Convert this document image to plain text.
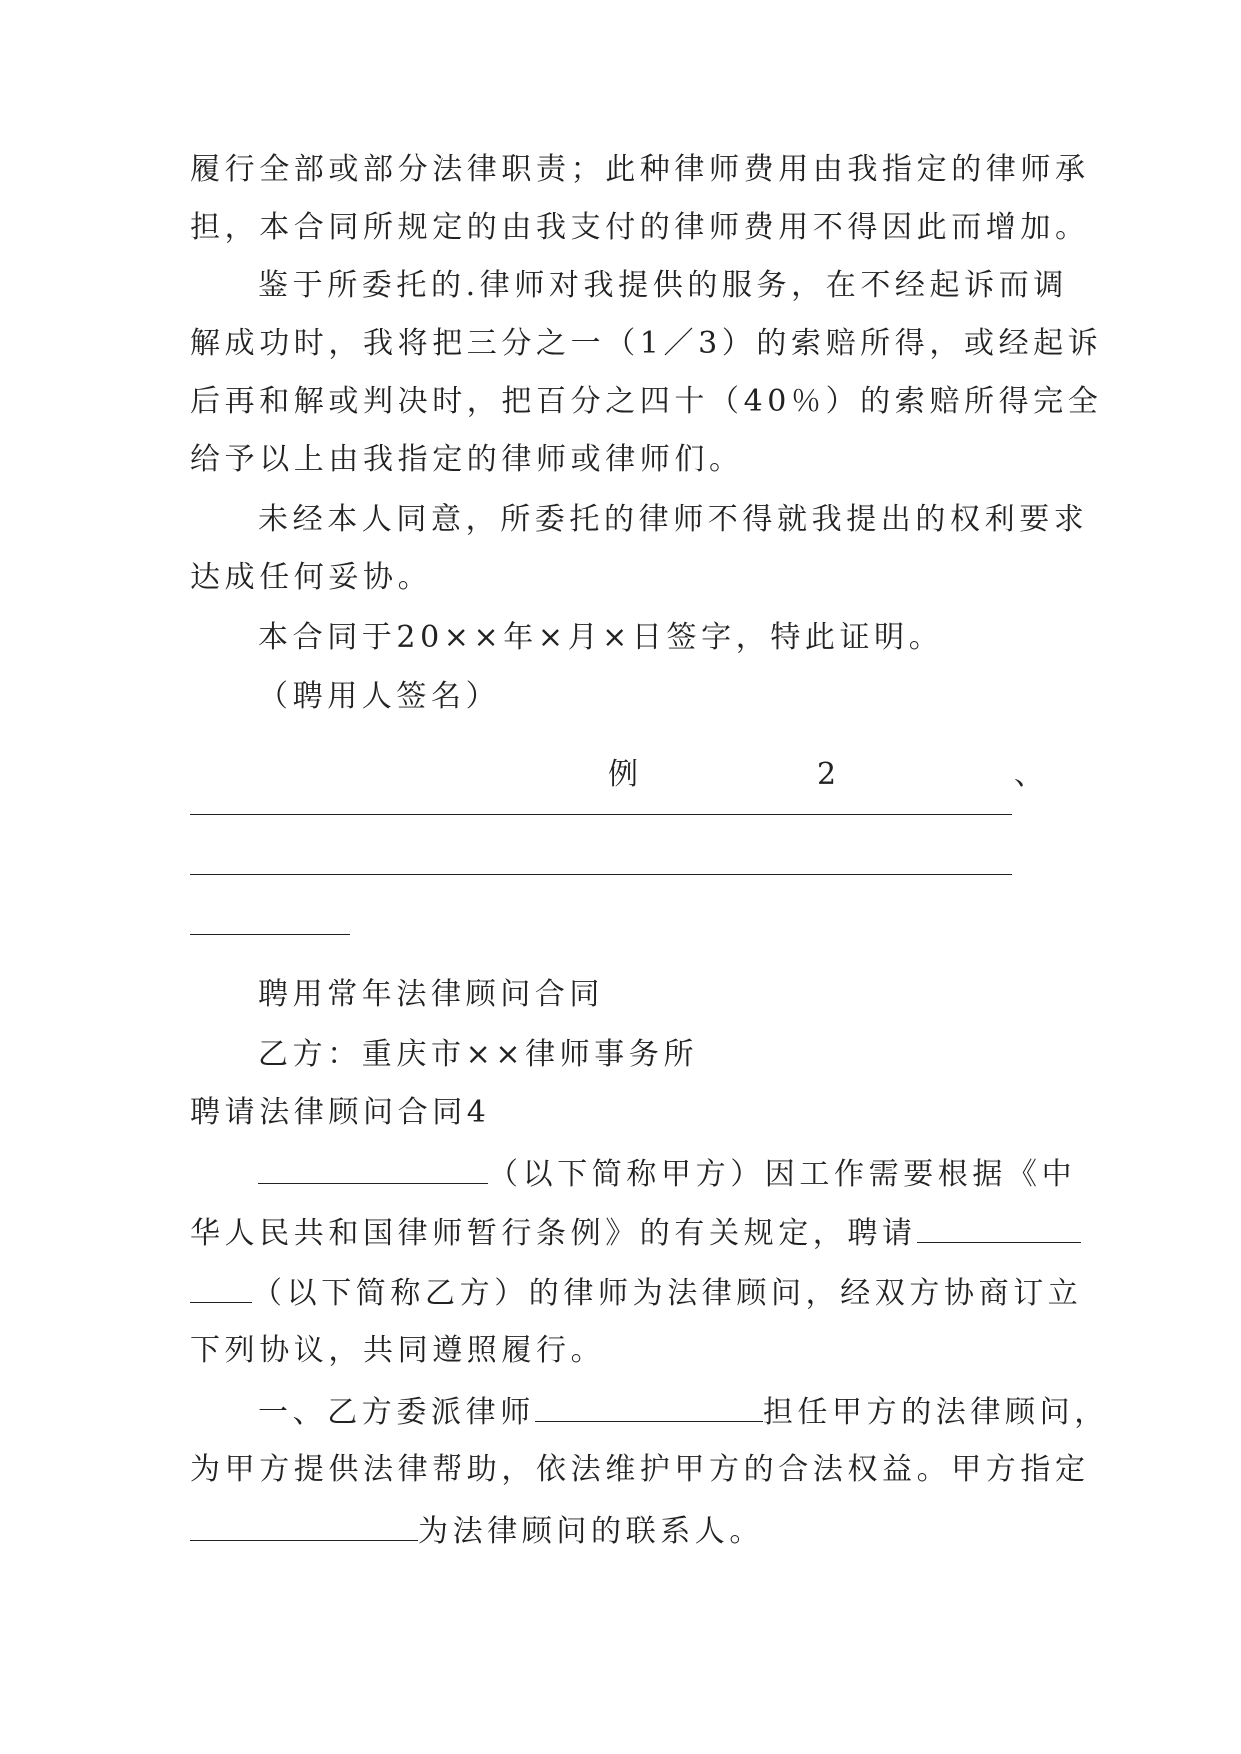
履行全部或部分法律职责；此种律师费用由我指定的律师承
担，本合同所规定的由我支付的律师费用不得因此而增加。
鉴于所委托的.律师对我提供的服务，在不经起诉而调
解成功时，我将把三分之一（1／3）的索赔所得，或经起诉
后再和解或判决时，把百分之四十（40％）的索赔所得完全
给予以上由我指定的律师或律师们。
未经本人同意，所委托的律师不得就我提出的权利要求
达成任何妥协。
本合同于20××年×月×日签字，特此证明。
（聘用人签名）
例	2	、
聘用常年法律顾问合同
乙方：重庆市××律师事务所
聘请法律顾问合同4
（以下简称甲方）因工作需要根据《中
华人民共和国律师暂行条例》的有关规定，聘请
（以下简称乙方）的律师为法律顾问，经双方协商订立
下列协议，共同遵照履行。
一、乙方委派律师	担任甲方的法律顾问，
为甲方提供法律帮助，依法维护甲方的合法权益。甲方指定
为法律顾问的联系人。
